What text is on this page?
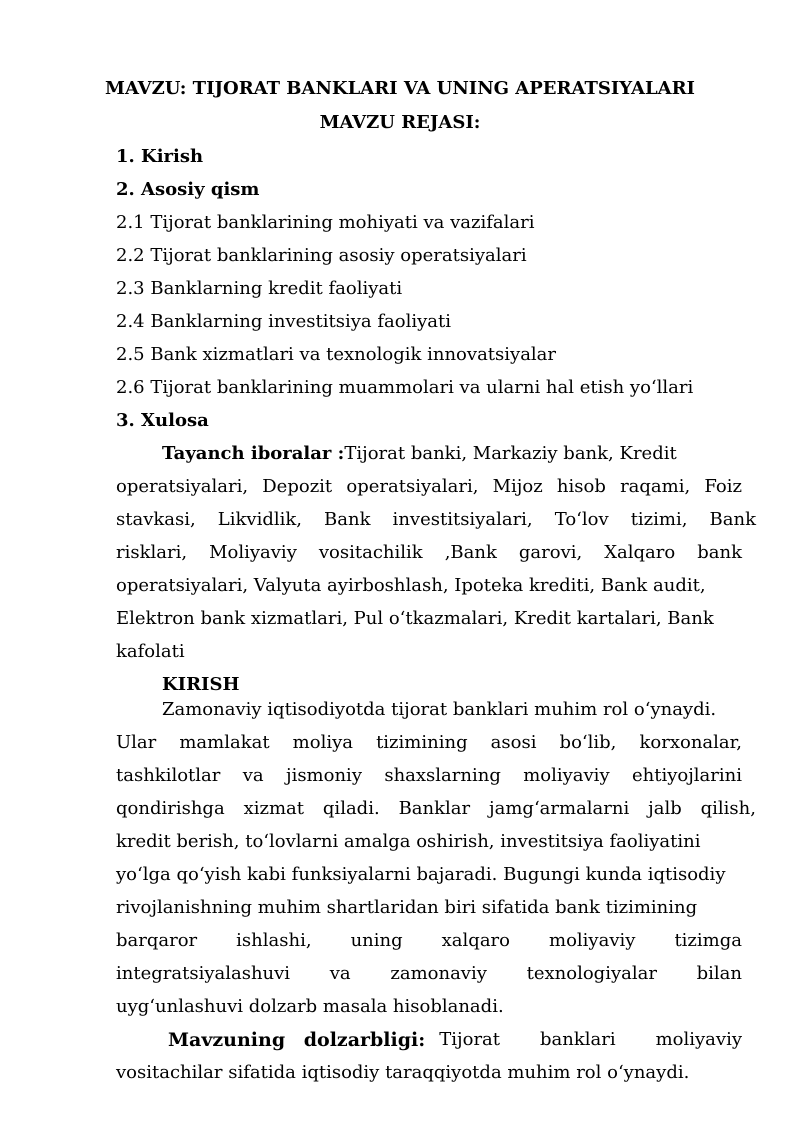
MAVZU: TIJORAT BANKLARI VA UNING APERATSIYALARI
MAVZU REJASI:
1. Kirish
2. Asosiy qism
2.1 Tijorat banklarining mohiyati va vazifalari
2.2 Tijorat banklarining asosiy operatsiyalari
2.3 Banklarning kredit faoliyati
2.4 Banklarning investitsiya faoliyati
2.5 Bank xizmatlari va texnologik innovatsiyalar
2.6 Tijorat banklarining muammolari va ularni hal etish yo‘llari
3. Xulosa
Tayanch iboralar :Tijorat banki, Markaziy bank, Kredit
operatsiyalari, Depozit operatsiyalari, Mijoz hisob raqami, Foiz
stavkasi, Likvidlik, Bank investitsiyalari, To‘lov tizimi, Bank
risklari, Moliyaviy vositachilik ,Bank garovi, Xalqaro bank
operatsiyalari, Valyuta ayirboshlash, Ipoteka krediti, Bank audit,
Elektron bank xizmatlari, Pul o‘tkazmalari, Kredit kartalari, Bank
kafolati
KIRISH
Zamonaviy iqtisodiyotda tijorat banklari muhim rol o‘ynaydi.
Ular mamlakat moliya tizimining asosi bo‘lib, korxonalar,
tashkilotlar va jismoniy shaxslarning moliyaviy ehtiyojlarini
qondirishga xizmat qiladi. Banklar jamg‘armalarni jalb qilish,
kredit berish, to‘lovlarni amalga oshirish, investitsiya faoliyatini
yo‘lga qo‘yish kabi funksiyalarni bajaradi. Bugungi kunda iqtisodiy
rivojlanishning muhim shartlaridan biri sifatida bank tizimining
barqaror ishlashi, uning xalqaro moliyaviy tizimga
integratsiyalashuvi va zamonaviy texnologiyalar bilan
uyg‘unlashuvi dolzarb masala hisoblanadi.
Mavzuning dolzarbligi: Tijorat banklari moliyaviy
vositachilar sifatida iqtisodiy taraqqiyotda muhim rol o‘ynaydi.
